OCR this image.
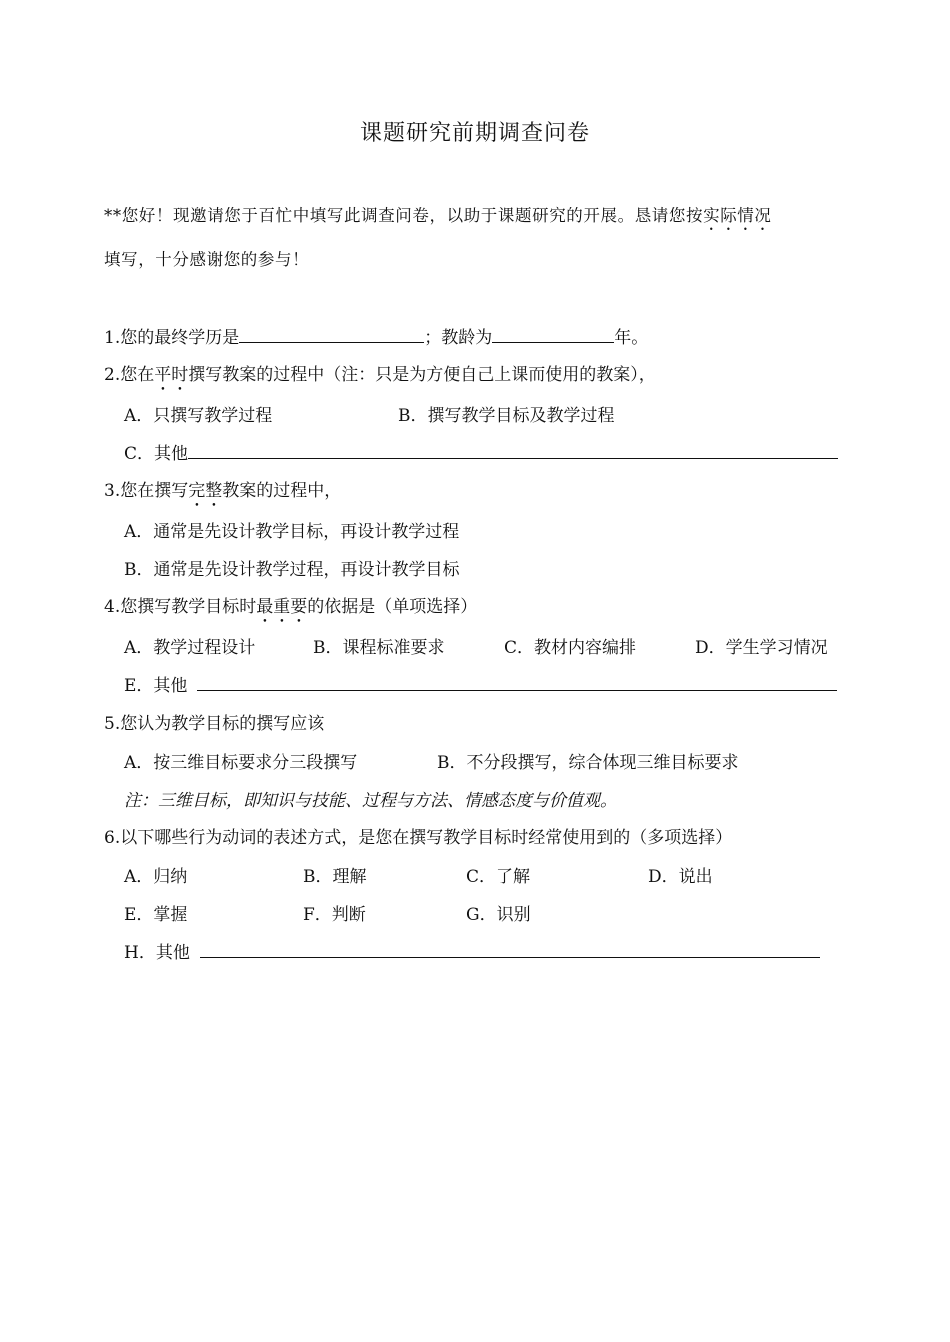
课题研究前期调查问卷
**您好！现邀请您于百忙中填写此调查问卷，以助于课题研究的开展。恳请您按实际情况
填写，十分感谢您的参与！
1.您的最终学历是	；教龄为	年。
2.您在平时撰写教案的过程中（注：只是为方便自己上课而使用的教案），
A．只撰写教学过程	B．撰写教学目标及教学过程
C．其他
3.您在撰写完整教案的过程中，
A．通常是先设计教学目标，再设计教学过程
B．通常是先设计教学过程，再设计教学目标
4.您撰写教学目标时最重要的依据是（单项选择）
A．教学过程设计	B．课程标准要求	C．教材内容编排	D．学生学习情况
E．其他
5.您认为教学目标的撰写应该
A．按三维目标要求分三段撰写	B．不分段撰写，综合体现三维目标要求
注：三维目标，即知识与技能、过程与方法、情感态度与价值观。
6.以下哪些行为动词的表述方式，是您在撰写教学目标时经常使用到的（多项选择）
A．归纳	B．理解	C．了解	D．说出
E．掌握	F．判断	G．识别
H．其他
